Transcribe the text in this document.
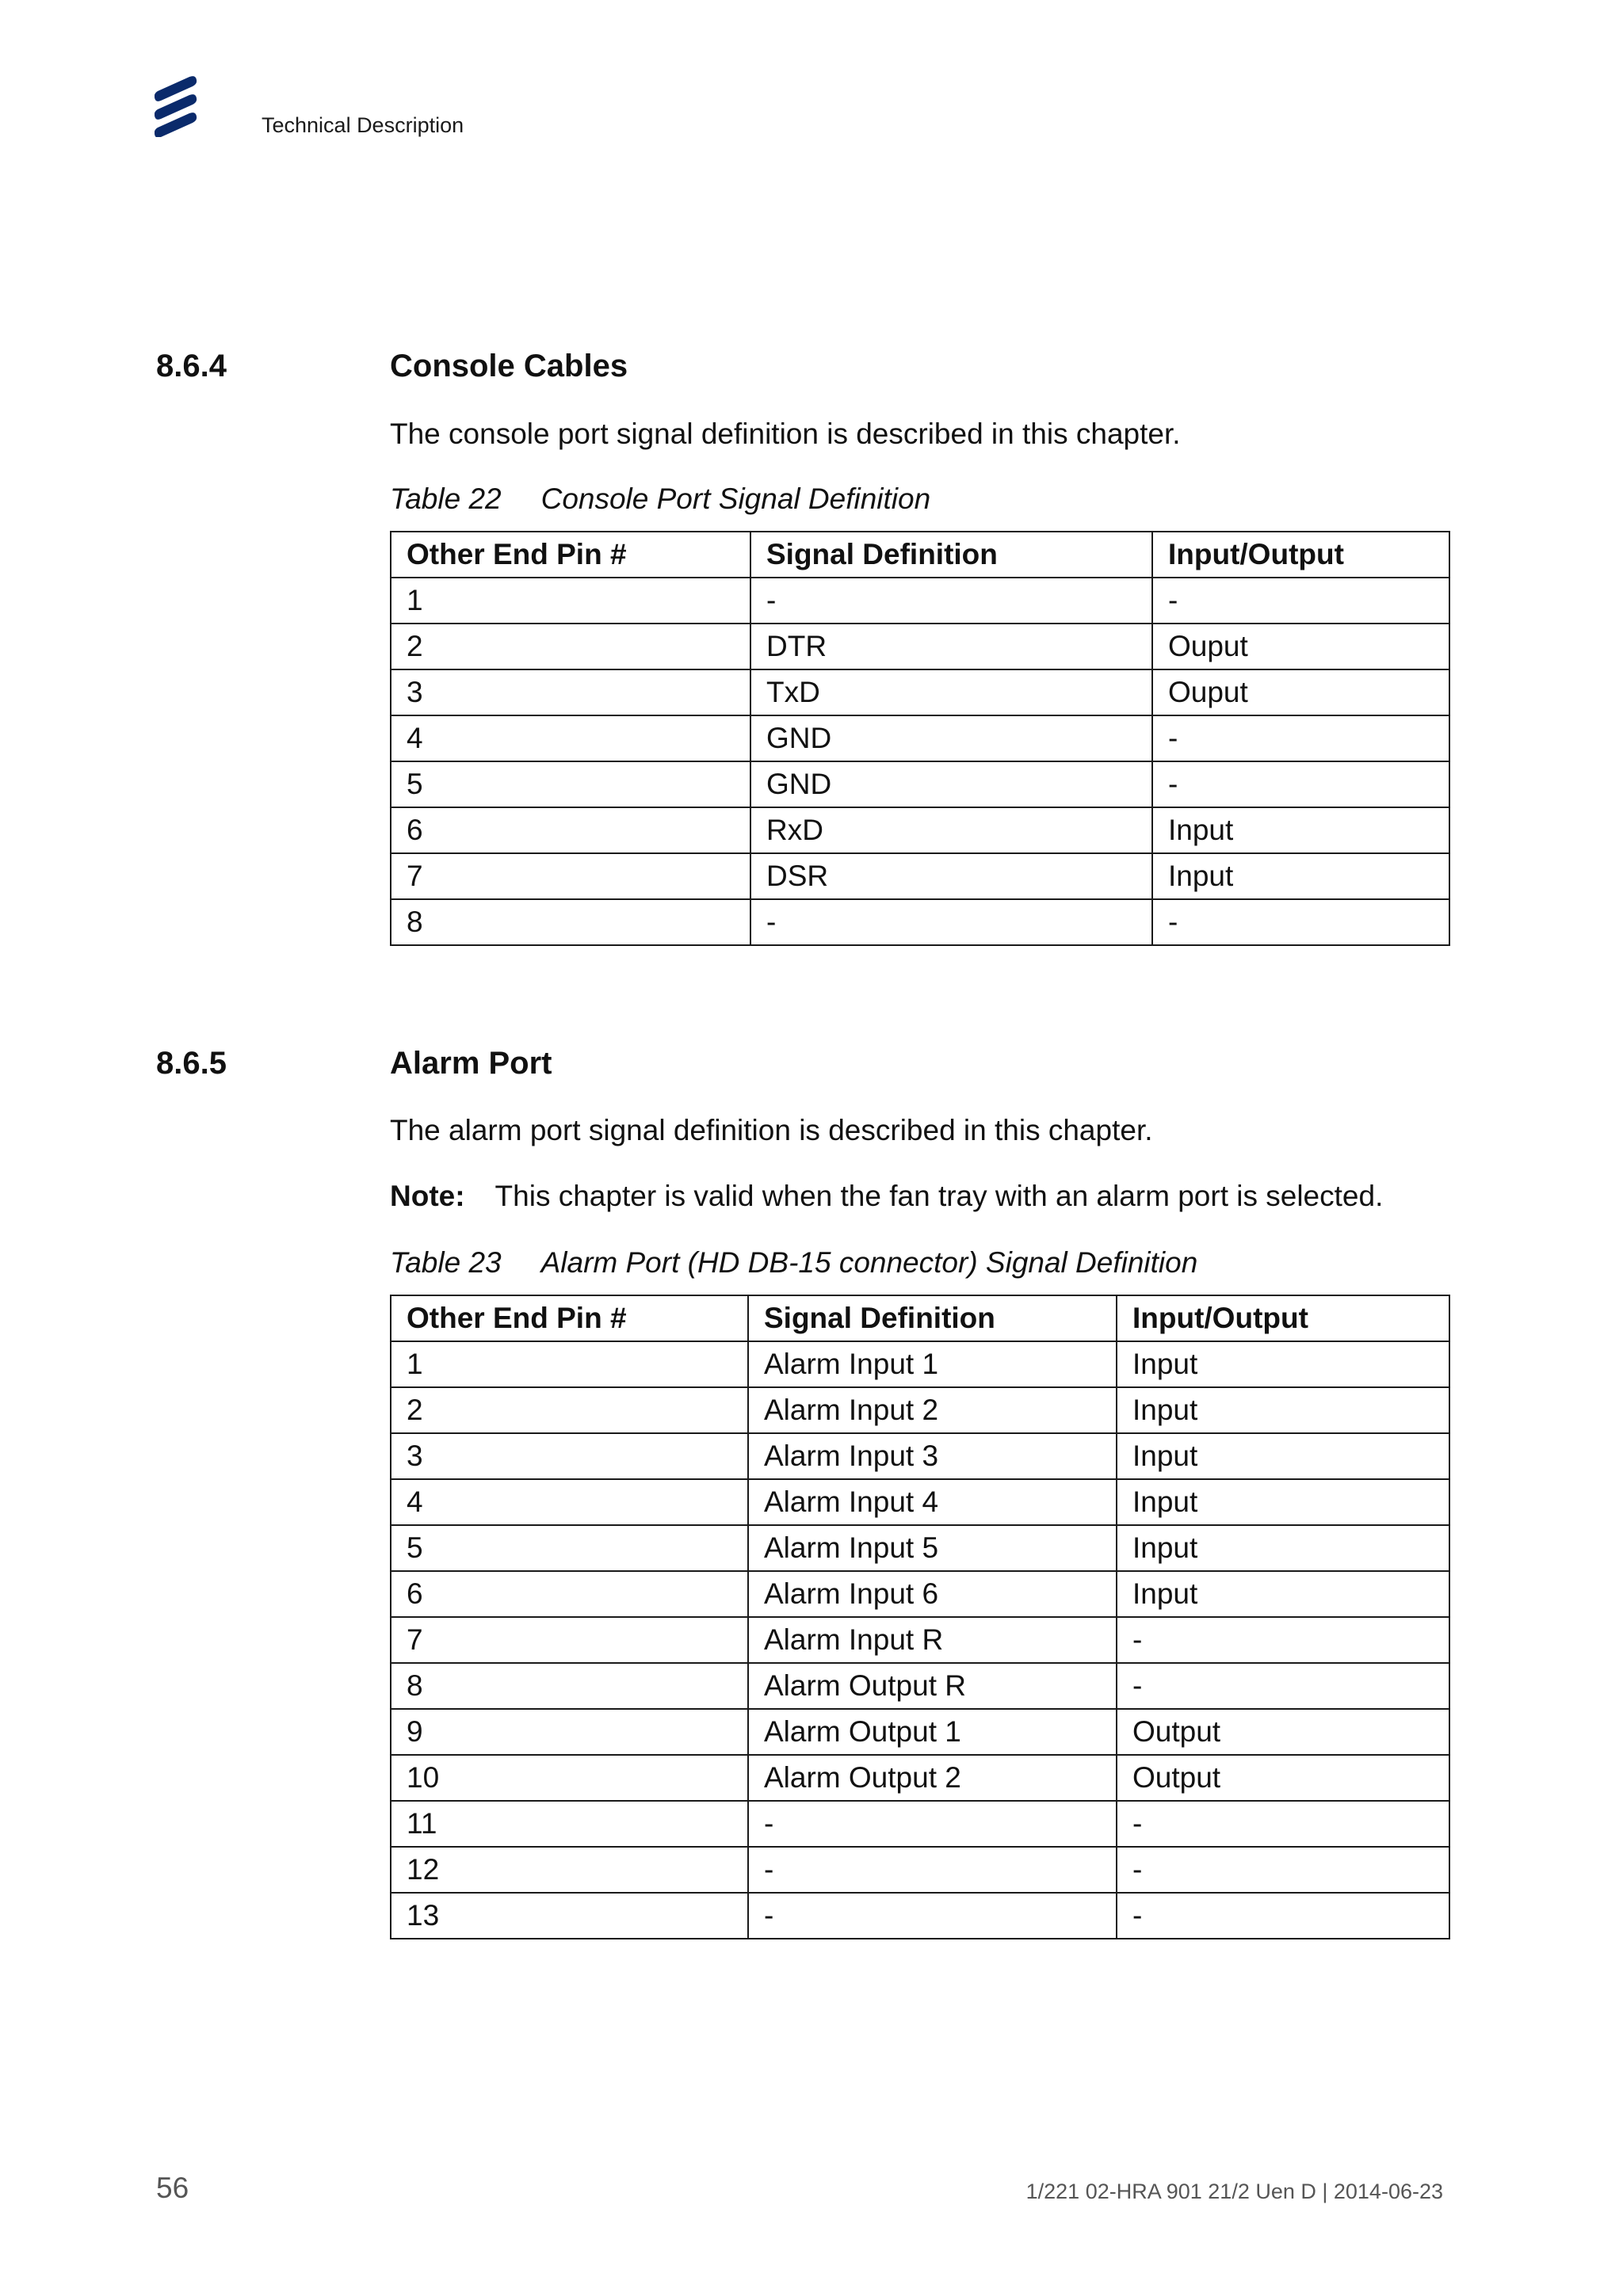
Technical Description
8.6.4	Console Cables
The console port signal definition is described in this chapter.
Table 22 Console Port Signal Definition
Other End Pin #	Signal Definition	Input/Output
1	-	-
2	DTR	Ouput
3	TxD	Ouput
4	GND	-
5	GND	-
6	RxD	Input
7	DSR	Input
8	-	-
8.6.5	Alarm Port
The alarm port signal definition is described in this chapter.
Note: This chapter is valid when the fan tray with an alarm port is selected.
Table 23 Alarm Port (HD DB-15 connector) Signal Definition
Other End Pin #	Signal Definition	Input/Output
1	Alarm Input 1	Input
2	Alarm Input 2	Input
3	Alarm Input 3	Input
4	Alarm Input 4	Input
5	Alarm Input 5	Input
6	Alarm Input 6	Input
7	Alarm Input R	-
8	Alarm Output R	-
9	Alarm Output 1	Output
10	Alarm Output 2	Output
11	-	-
12	-	-
13	-	-
56	1/221 02-HRA 901 21/2 Uen D | 2014-06-23
